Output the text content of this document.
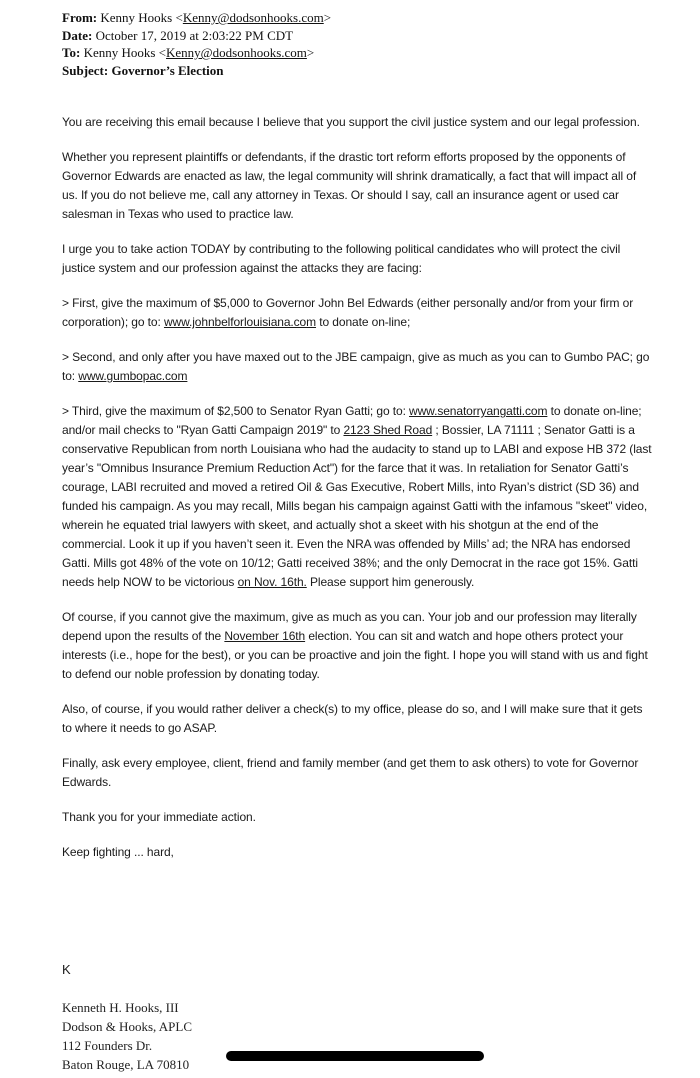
From: Kenny Hooks <Kenny@dodsonhooks.com>
Date: October 17, 2019 at 2:03:22 PM CDT
To: Kenny Hooks <Kenny@dodsonhooks.com>
Subject: Governor’s Election

You are receiving this email because I believe that you support the civil justice system and our legal profession.

Whether you represent plaintiffs or defendants, if the drastic tort reform efforts proposed by the opponents of Governor Edwards are enacted as law, the legal community will shrink dramatically, a fact that will impact all of us. If you do not believe me, call any attorney in Texas. Or should I say, call an insurance agent or used car salesman in Texas who used to practice law.

I urge you to take action TODAY by contributing to the following political candidates who will protect the civil justice system and our profession against the attacks they are facing:

> First, give the maximum of $5,000 to Governor John Bel Edwards (either personally and/or from your firm or corporation); go to: www.johnbelforlouisiana.com to donate on-line;

> Second, and only after you have maxed out to the JBE campaign, give as much as you can to Gumbo PAC; go to: www.gumbopac.com

> Third, give the maximum of $2,500 to Senator Ryan Gatti; go to: www.senatorryangatti.com to donate on-line; and/or mail checks to "Ryan Gatti Campaign 2019" to 2123 Shed Road ; Bossier, LA 71111 ; Senator Gatti is a conservative Republican from north Louisiana who had the audacity to stand up to LABI and expose HB 372 (last year’s "Omnibus Insurance Premium Reduction Act") for the farce that it was. In retaliation for Senator Gatti’s courage, LABI recruited and moved a retired Oil & Gas Executive, Robert Mills, into Ryan’s district (SD 36) and funded his campaign. As you may recall, Mills began his campaign against Gatti with the infamous "skeet" video, wherein he equated trial lawyers with skeet, and actually shot a skeet with his shotgun at the end of the commercial. Look it up if you haven’t seen it. Even the NRA was offended by Mills’ ad; the NRA has endorsed Gatti. Mills got 48% of the vote on 10/12; Gatti received 38%; and the only Democrat in the race got 15%. Gatti needs help NOW to be victorious on Nov. 16th. Please support him generously.

Of course, if you cannot give the maximum, give as much as you can. Your job and our profession may literally depend upon the results of the November 16th election. You can sit and watch and hope others protect your interests (i.e., hope for the best), or you can be proactive and join the fight. I hope you will stand with us and fight to defend our noble profession by donating today.

Also, of course, if you would rather deliver a check(s) to my office, please do so, and I will make sure that it gets to where it needs to go ASAP.

Finally, ask every employee, client, friend and family member (and get them to ask others) to vote for Governor Edwards.

Thank you for your immediate action.

Keep fighting ... hard,

K
Kenneth H. Hooks, III
Dodson & Hooks, APLC
112 Founders Dr.
Baton Rouge, LA 70810
